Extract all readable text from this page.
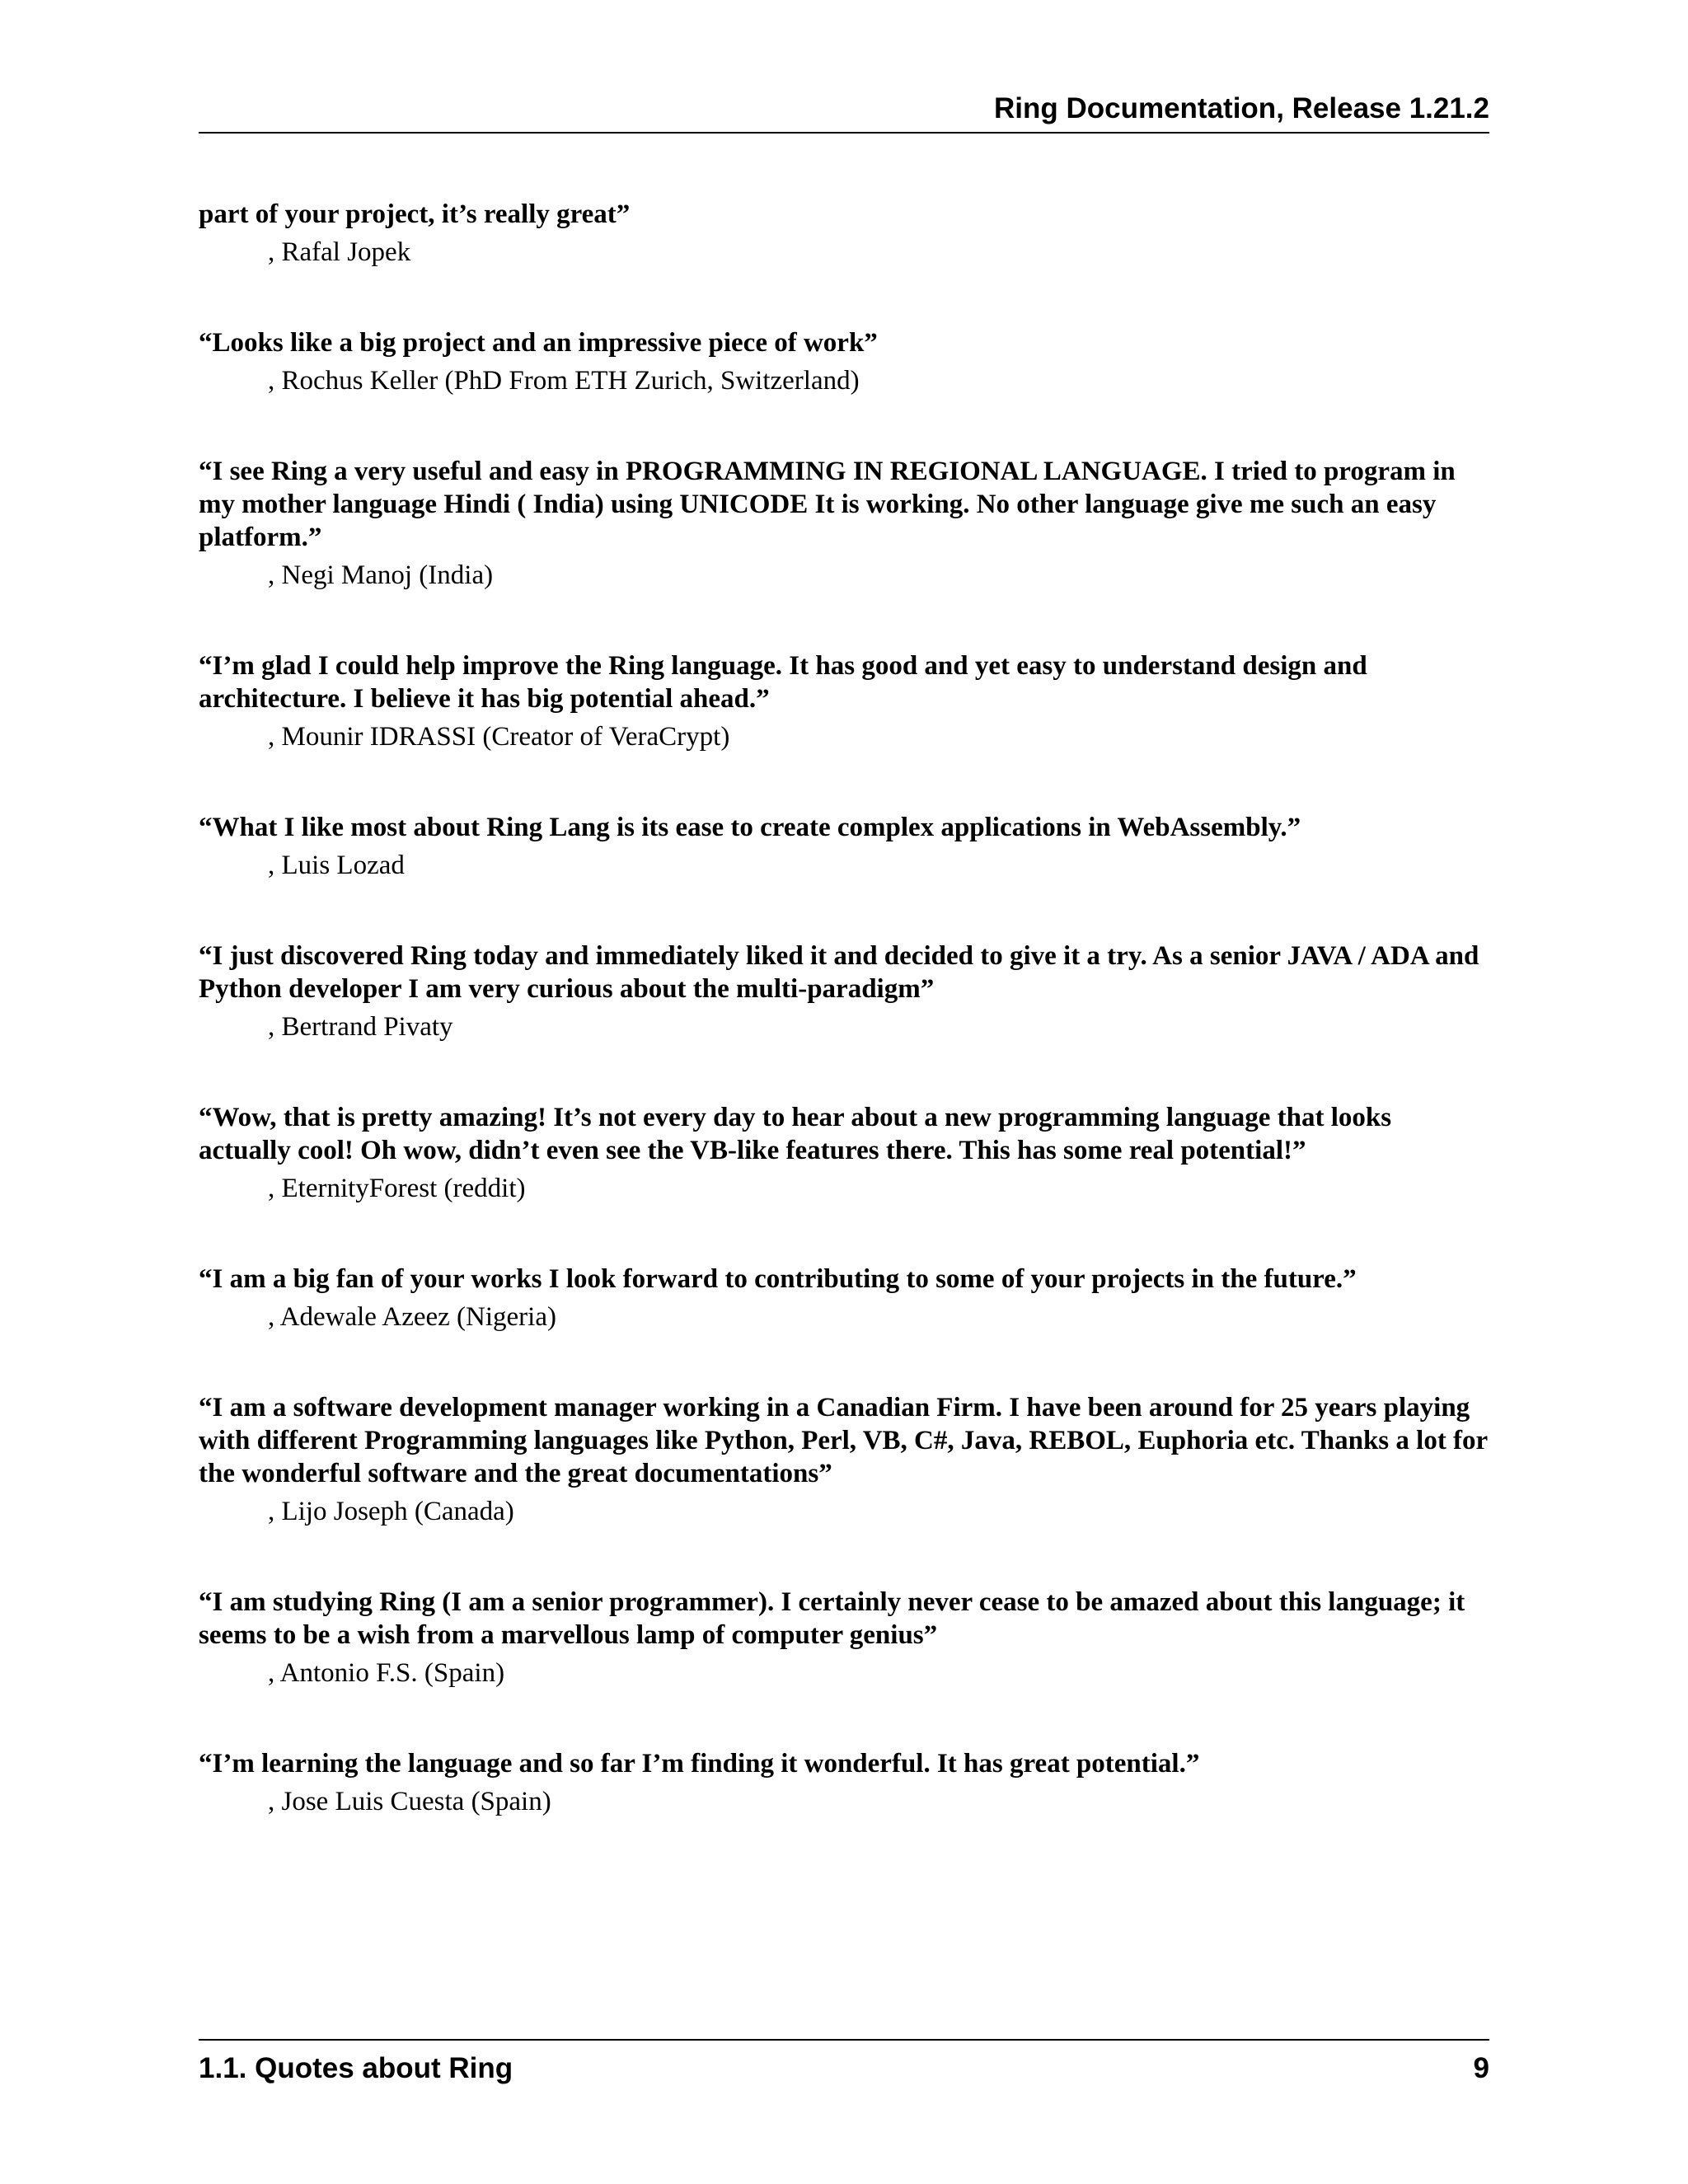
Ring Documentation, Release 1.21.2

part of your project, it’s really great”

, Rafal Jopek

“Looks like a big project and an impressive piece of work”

, Rochus Keller (PhD From ETH Zurich, Switzerland)

“I see Ring a very useful and easy in PROGRAMMING IN REGIONAL LANGUAGE. I tried to program in my mother language Hindi ( India) using UNICODE It is working. No other language give me such an easy platform.”

, Negi Manoj (India)

“I’m glad I could help improve the Ring language. It has good and yet easy to understand design and architecture. I believe it has big potential ahead.”

, Mounir IDRASSI (Creator of VeraCrypt)

“What I like most about Ring Lang is its ease to create complex applications in WebAssembly.”

, Luis Lozad

“I just discovered Ring today and immediately liked it and decided to give it a try. As a senior JAVA / ADA and Python developer I am very curious about the multi-paradigm”

, Bertrand Pivaty

“Wow, that is pretty amazing! It’s not every day to hear about a new programming language that looks actually cool! Oh wow, didn’t even see the VB-like features there. This has some real potential!”

, EternityForest (reddit)

“I am a big fan of your works I look forward to contributing to some of your projects in the future.”

, Adewale Azeez (Nigeria)

“I am a software development manager working in a Canadian Firm. I have been around for 25 years playing with different Programming languages like Python, Perl, VB, C#, Java, REBOL, Euphoria etc. Thanks a lot for the wonderful software and the great documentations”

, Lijo Joseph (Canada)

“I am studying Ring (I am a senior programmer). I certainly never cease to be amazed about this language; it seems to be a wish from a marvellous lamp of computer genius”

, Antonio F.S. (Spain)

“I’m learning the language and so far I’m finding it wonderful. It has great potential.”

, Jose Luis Cuesta (Spain)

1.1. Quotes about Ring	9
